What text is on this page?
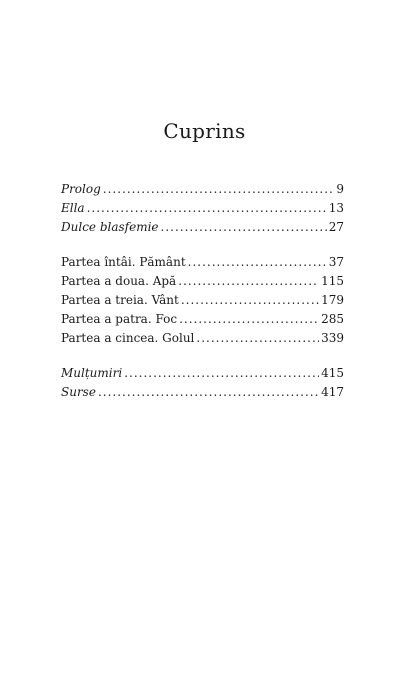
Cuprins
Prolog .....	9
Ella .....	13
Dulce blasfemie .....	27
Partea întâi. Pământ .....	37
Partea a doua. Apă .....	115
Partea a treia. Vânt .....	179
Partea a patra. Foc .....	285
Partea a cincea. Golul .....	339
Mulțumiri .....	415
Surse .....	417
